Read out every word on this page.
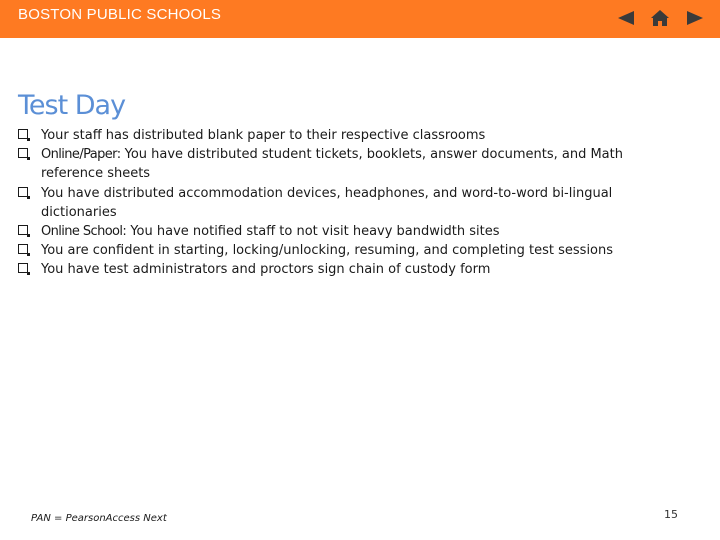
BOSTON PUBLIC SCHOOLS
Test Day
Your staff has distributed blank paper to their respective classrooms
Online/Paper: You have distributed student tickets, booklets, answer documents, and Math reference sheets
You have distributed accommodation devices, headphones, and word-to-word bi-lingual dictionaries
Online School: You have notified staff to not visit heavy bandwidth sites
You are confident in starting, locking/unlocking, resuming, and completing test sessions
You have test administrators and proctors sign chain of custody form
PAN = PearsonAccess Next	15
